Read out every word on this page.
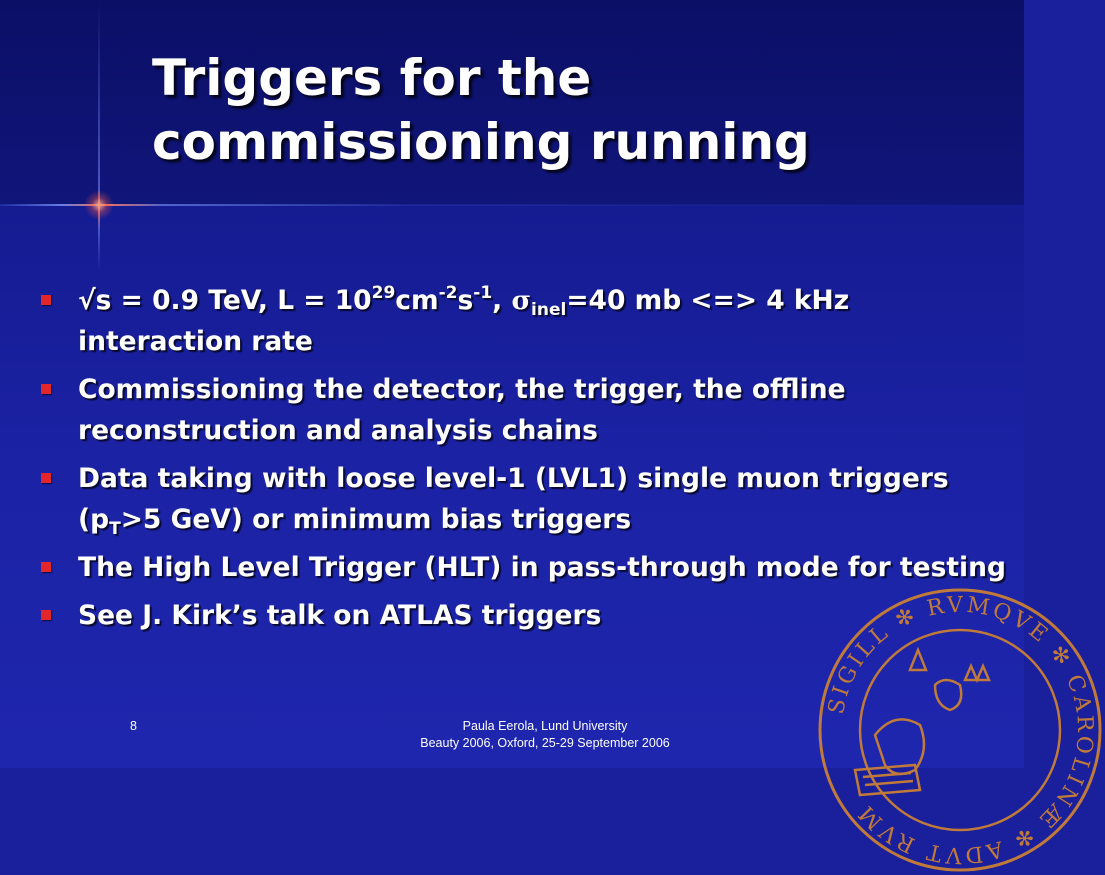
Triggers for the
commissioning running
√s = 0.9 TeV, $L = 10^{29}cm^{-2}s^{-1}$, $\sigma_{inel}=40$ mb <=> 4 kHz interaction rate
Commissioning the detector, the trigger, the offline reconstruction and analysis chains
Data taking with loose level-1 (LVL1) single muon triggers ($p_T>5$ GeV) or minimum bias triggers
The High Level Trigger (HLT) in pass-through mode for testing
See J. Kirk’s talk on ATLAS triggers
SIGILL ✻ RVMQVE ✻ CAROLINÆ ✻ ADVT RVM
8	Paula Eerola, Lund University
Beauty 2006, Oxford, 25-29 September 2006
